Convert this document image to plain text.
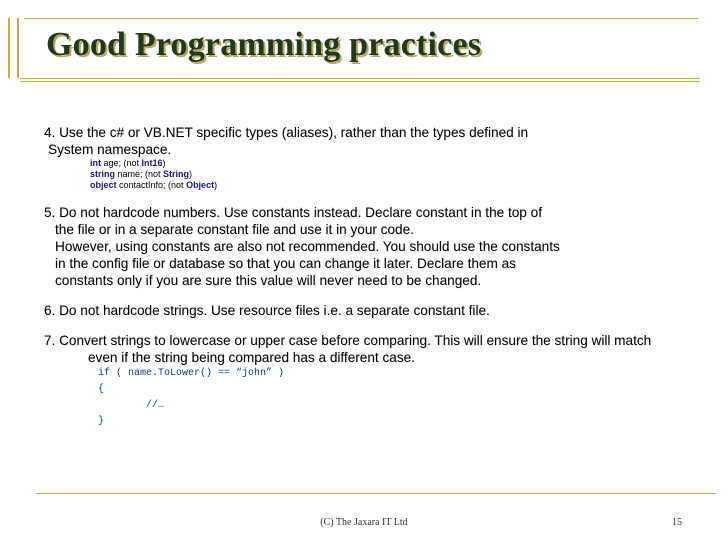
Good Programming practices
4. Use the c# or VB.NET specific types (aliases), rather than the types defined in
System namespace.
int age; (not Int16)
string name; (not String)
object contactInfo; (not Object)
5. Do not hardcode numbers. Use constants instead. Declare constant in the top of
the file or in a separate constant file and use it in your code.
However, using constants are also not recommended. You should use the constants
in the config file or database so that you can change it later. Declare them as
constants only if you are sure this value will never need to be changed.
6. Do not hardcode strings. Use resource files i.e. a separate constant file.
7. Convert strings to lowercase or upper case before comparing. This will ensure the string will match
even if the string being compared has a different case.
if ( name.ToLower() == “john” )
{
//…
}
(C) The Jaxara IT Ltd	15
